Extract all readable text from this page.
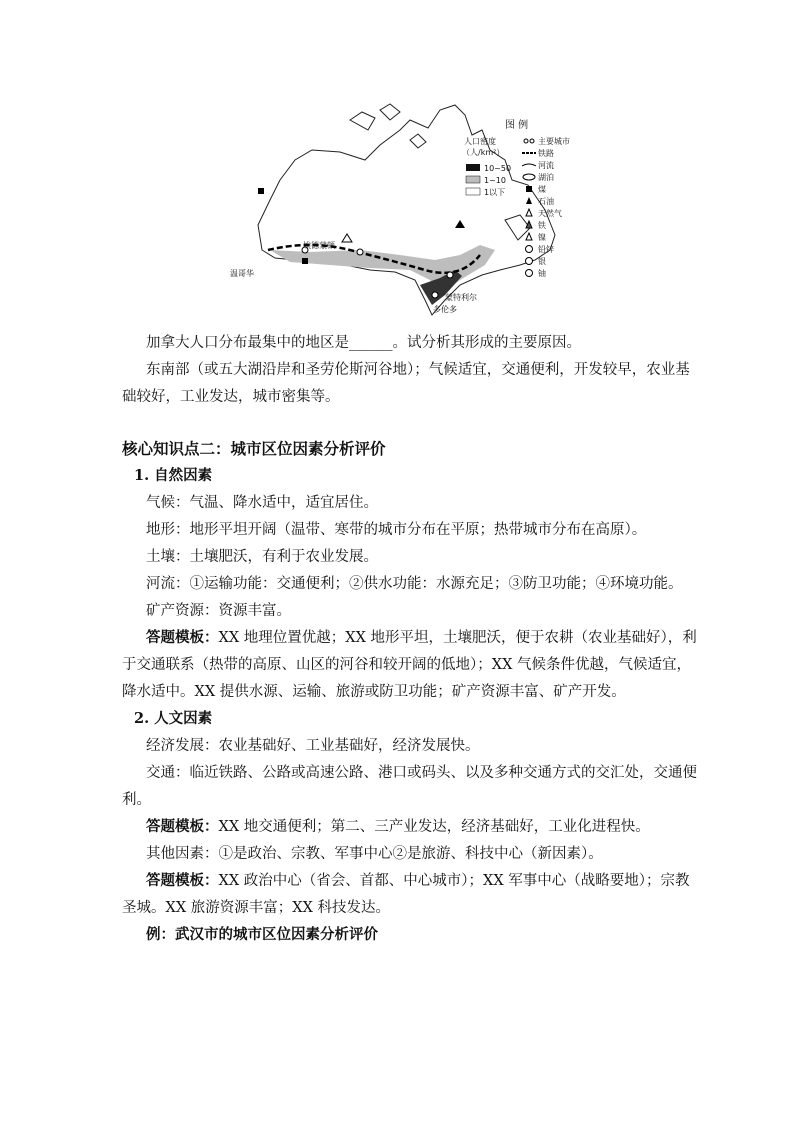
埃德蒙顿
温哥华
蒙特利尔
多伦多
图 例
人口密度
（人/km²）
10~50
1~10
1以下
主要城市
铁路
河流
湖泊
煤
石油
天然气
铁
镍
铅锌
银
铀
加拿大人口分布最集中的地区是______。试分析其形成的主要原因。
东南部（或五大湖沿岸和圣劳伦斯河谷地）；气候适宜，交通便利，开发较早，农业基
础较好，工业发达，城市密集等。
核心知识点二：城市区位因素分析评价
1. 自然因素
气候：气温、降水适中，适宜居住。
地形：地形平坦开阔（温带、寒带的城市分布在平原；热带城市分布在高原）。
土壤：土壤肥沃，有利于农业发展。
河流：①运输功能：交通便利；②供水功能：水源充足；③防卫功能；④环境功能。
矿产资源：资源丰富。
答题模板：XX 地理位置优越；XX 地形平坦，土壤肥沃，便于农耕（农业基础好），利
于交通联系（热带的高原、山区的河谷和较开阔的低地）；XX 气候条件优越，气候适宜，
降水适中。XX 提供水源、运输、旅游或防卫功能；矿产资源丰富、矿产开发。
2. 人文因素
经济发展：农业基础好、工业基础好，经济发展快。
交通：临近铁路、公路或高速公路、港口或码头、以及多种交通方式的交汇处，交通便
利。
答题模板：XX 地交通便利；第二、三产业发达，经济基础好，工业化进程快。
其他因素：①是政治、宗教、军事中心②是旅游、科技中心（新因素）。
答题模板：XX 政治中心（省会、首都、中心城市）；XX 军事中心（战略要地）；宗教
圣城。XX 旅游资源丰富；XX 科技发达。
例：武汉市的城市区位因素分析评价
